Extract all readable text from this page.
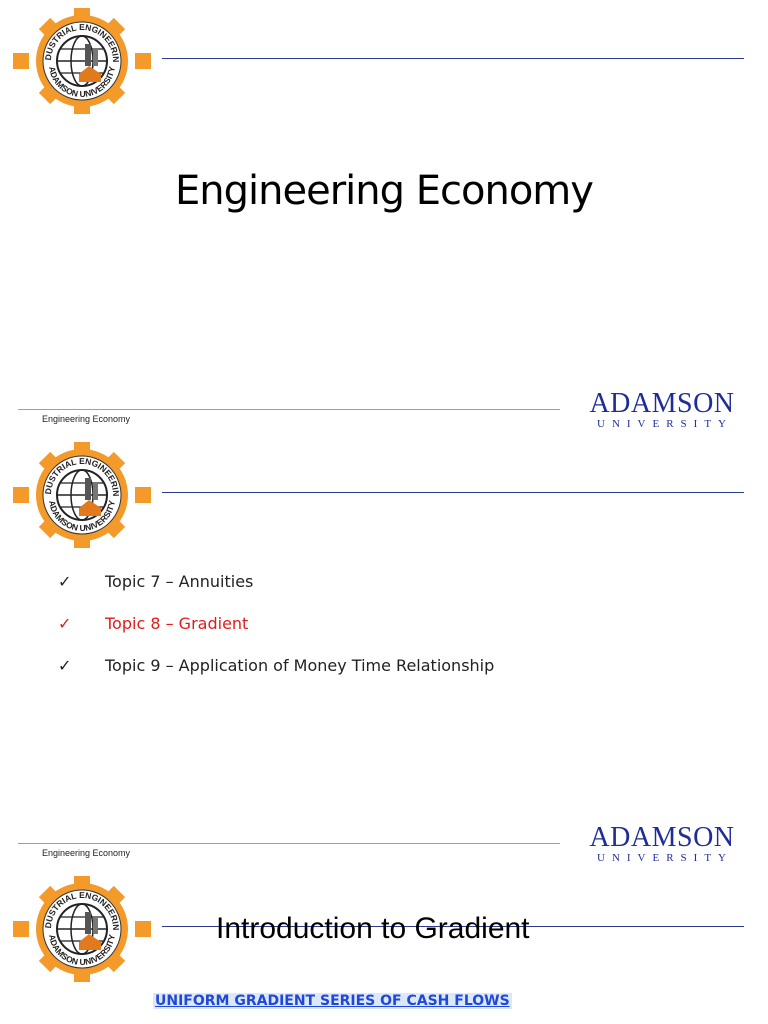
Engineering Economy
Engineering Economy	ADAMSON
UNIVERSITY
✓	Topic 7 – Annuities
✓	Topic 8 – Gradient
✓	Topic 9 – Application of Money Time Relationship
Engineering Economy	ADAMSON
UNIVERSITY
Introduction to Gradient
UNIFORM GRADIENT SERIES OF CASH FLOWS
